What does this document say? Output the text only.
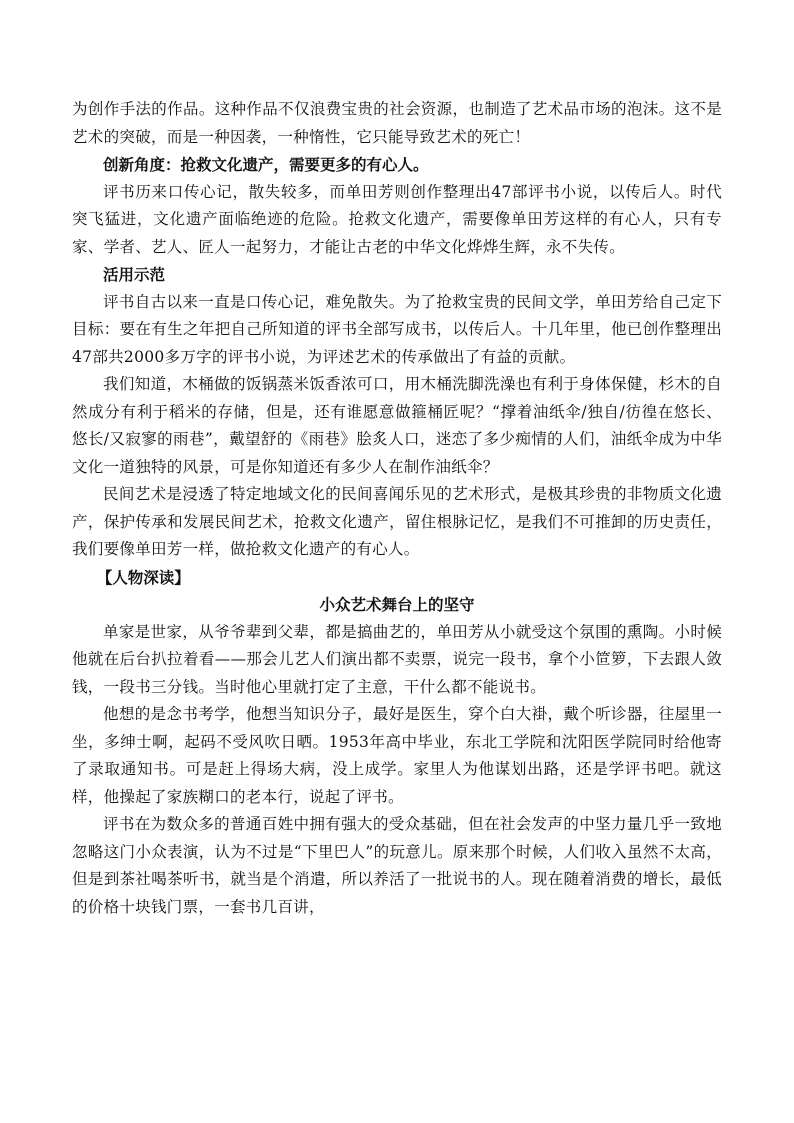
为创作手法的作品。这种作品不仅浪费宝贵的社会资源，也制造了艺术品市场的泡沫。这不是艺术的突破，而是一种因袭，一种惰性，它只能导致艺术的死亡！

创新角度：抢救文化遗产，需要更多的有心人。

评书历来口传心记，散失较多，而单田芳则创作整理出47部评书小说，以传后人。时代突飞猛进，文化遗产面临绝迹的危险。抢救文化遗产，需要像单田芳这样的有心人，只有专家、学者、艺人、匠人一起努力，才能让古老的中华文化烨烨生辉，永不失传。

活用示范

评书自古以来一直是口传心记，难免散失。为了抢救宝贵的民间文学，单田芳给自己定下目标：要在有生之年把自己所知道的评书全部写成书，以传后人。十几年里，他已创作整理出47部共2000多万字的评书小说，为评述艺术的传承做出了有益的贡献。

我们知道，木桶做的饭锅蒸米饭香浓可口，用木桶洗脚洗澡也有利于身体保健，杉木的自然成分有利于稻米的存储，但是，还有谁愿意做箍桶匠呢？“撑着油纸伞/独自/彷徨在悠长、悠长/又寂寥的雨巷”，戴望舒的《雨巷》脍炙人口，迷恋了多少痴情的人们，油纸伞成为中华文化一道独特的风景，可是你知道还有多少人在制作油纸伞？

民间艺术是浸透了特定地域文化的民间喜闻乐见的艺术形式，是极其珍贵的非物质文化遗产，保护传承和发展民间艺术，抢救文化遗产，留住根脉记忆，是我们不可推卸的历史责任，我们要像单田芳一样，做抢救文化遗产的有心人。

【人物深读】
小众艺术舞台上的坚守

单家是世家，从爷爷辈到父辈，都是搞曲艺的，单田芳从小就受这个氛围的熏陶。小时候他就在后台扒拉着看——那会儿艺人们演出都不卖票，说完一段书，拿个小笸箩，下去跟人敛钱，一段书三分钱。当时他心里就打定了主意，干什么都不能说书。

他想的是念书考学，他想当知识分子，最好是医生，穿个白大褂，戴个听诊器，往屋里一坐，多绅士啊，起码不受风吹日晒。1953年高中毕业，东北工学院和沈阳医学院同时给他寄了录取通知书。可是赶上得场大病，没上成学。家里人为他谋划出路，还是学评书吧。就这样，他操起了家族糊口的老本行，说起了评书。

评书在为数众多的普通百姓中拥有强大的受众基础，但在社会发声的中坚力量几乎一致地忽略这门小众表演，认为不过是“下里巴人”的玩意儿。原来那个时候，人们收入虽然不太高，但是到茶社喝茶听书，就当是个消遣，所以养活了一批说书的人。现在随着消费的增长，最低的价格十块钱门票，一套书几百讲，
